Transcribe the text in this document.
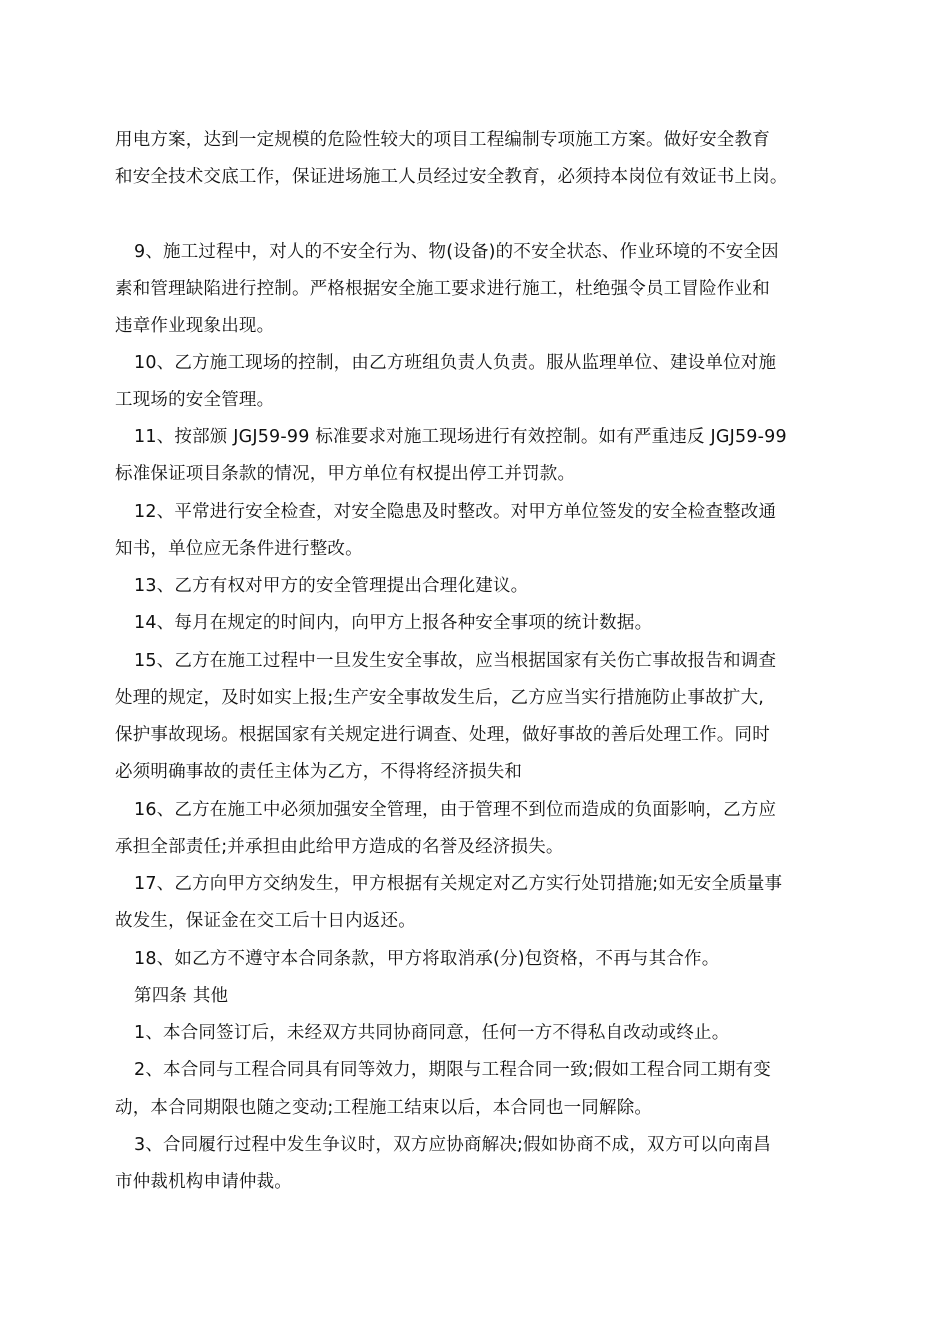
用电方案，达到一定规模的危险性较大的项目工程编制专项施工方案。做好安全教育
和安全技术交底工作，保证进场施工人员经过安全教育，必须持本岗位有效证书上岗。
9、施工过程中，对人的不安全行为、物(设备)的不安全状态、作业环境的不安全因
素和管理缺陷进行控制。严格根据安全施工要求进行施工，杜绝强令员工冒险作业和
违章作业现象出现。
10、乙方施工现场的控制，由乙方班组负责人负责。服从监理单位、建设单位对施
工现场的安全管理。
11、按部颁 JGJ59-99 标准要求对施工现场进行有效控制。如有严重违反 JGJ59-99
标准保证项目条款的情况，甲方单位有权提出停工并罚款。
12、平常进行安全检查，对安全隐患及时整改。对甲方单位签发的安全检查整改通
知书，单位应无条件进行整改。
13、乙方有权对甲方的安全管理提出合理化建议。
14、每月在规定的时间内，向甲方上报各种安全事项的统计数据。
15、乙方在施工过程中一旦发生安全事故，应当根据国家有关伤亡事故报告和调查
处理的规定，及时如实上报;生产安全事故发生后，乙方应当实行措施防止事故扩大,
保护事故现场。根据国家有关规定进行调查、处理，做好事故的善后处理工作。同时
必须明确事故的责任主体为乙方，不得将经济损失和
16、乙方在施工中必须加强安全管理，由于管理不到位而造成的负面影响，乙方应
承担全部责任;并承担由此给甲方造成的名誉及经济损失。
17、乙方向甲方交纳发生，甲方根据有关规定对乙方实行处罚措施;如无安全质量事
故发生，保证金在交工后十日内返还。
18、如乙方不遵守本合同条款，甲方将取消承(分)包资格，不再与其合作。
第四条 其他
1、本合同签订后，未经双方共同协商同意，任何一方不得私自改动或终止。
2、本合同与工程合同具有同等效力，期限与工程合同一致;假如工程合同工期有变
动，本合同期限也随之变动;工程施工结束以后，本合同也一同解除。
3、合同履行过程中发生争议时，双方应协商解决;假如协商不成，双方可以向南昌
市仲裁机构申请仲裁。
